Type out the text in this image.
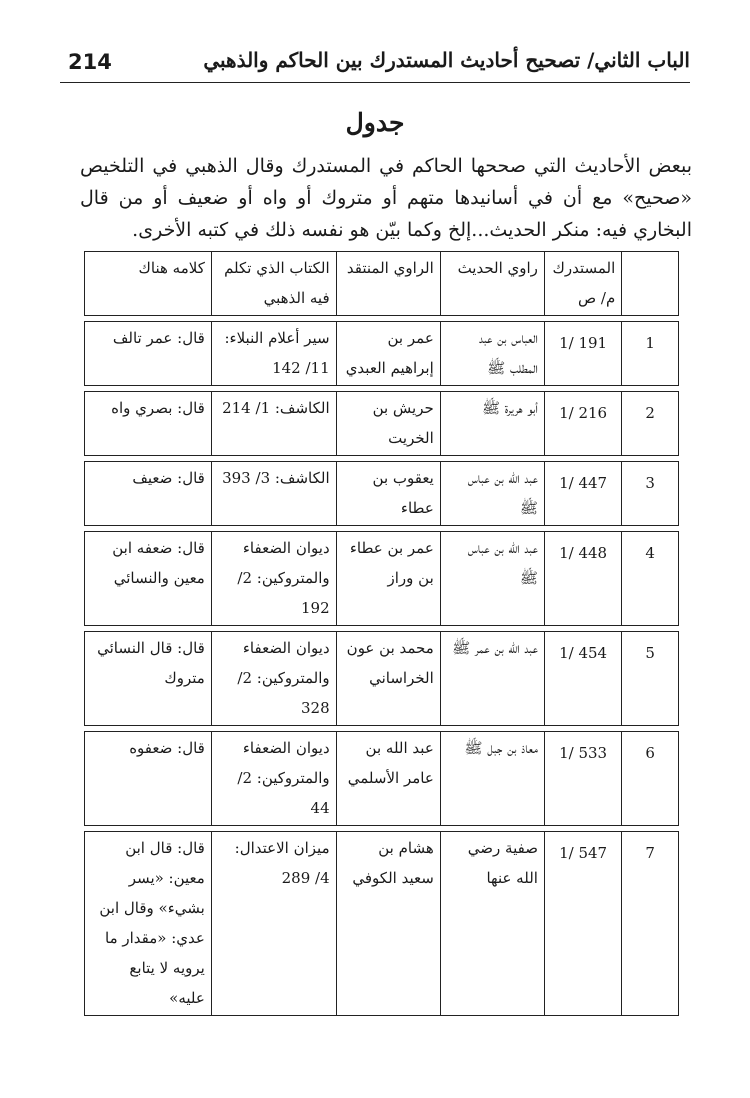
214	الباب الثاني/ تصحيح أحاديث المستدرك بين الحاكم والذهبي
جدول
ببعض الأحاديث التي صححها الحاكم في المستدرك وقال الذهبي في التلخيص «صحيح» مع أن في أسانيدها متهم أو متروك أو واه أو ضعيف أو من قال البخاري فيه: منكر الحديث...إلخ وكما بيّن هو نفسه ذلك في كتبه الأخرى.
	المستدرك م/ ص	راوي الحديث	الراوي المنتقد	الكتاب الذي تكلم فيه الذهبي	كلامه هناك

1	1/ 191	العباس بن عبد المطلب ﷺ	عمر بن إبراهيم العبدي	سير أعلام النبلاء: 11/ 142	قال: عمر تالف

2	1/ 216	أبو هريرة ﷺ	حريش بن الخريت	الكاشف: 1/ 214	قال: بصري واه

3	1/ 447	عبد الله بن عباس ﷺ	يعقوب بن عطاء	الكاشف: 3/ 393	قال: ضعيف

4	1/ 448	عبد الله بن عباس ﷺ	عمر بن عطاء بن وراز	ديوان الضعفاء والمتروكين: 2/ 192	قال: ضعفه ابن معين والنسائي

5	1/ 454	عبد الله بن عمر ﷺ	محمد بن عون الخراساني	ديوان الضعفاء والمتروكين: 2/ 328	قال: قال النسائي متروك

6	1/ 533	معاذ بن جبل ﷺ	عبد الله بن عامر الأسلمي	ديوان الضعفاء والمتروكين: 2/ 44	قال: ضعفوه

7	1/ 547	صفية رضي الله عنها	هشام بن سعيد الكوفي	ميزان الاعتدال: 4/ 289	قال: قال ابن معين: «يسر بشيء» وقال ابن عدي: «مقدار ما يرويه لا يتابع عليه»
